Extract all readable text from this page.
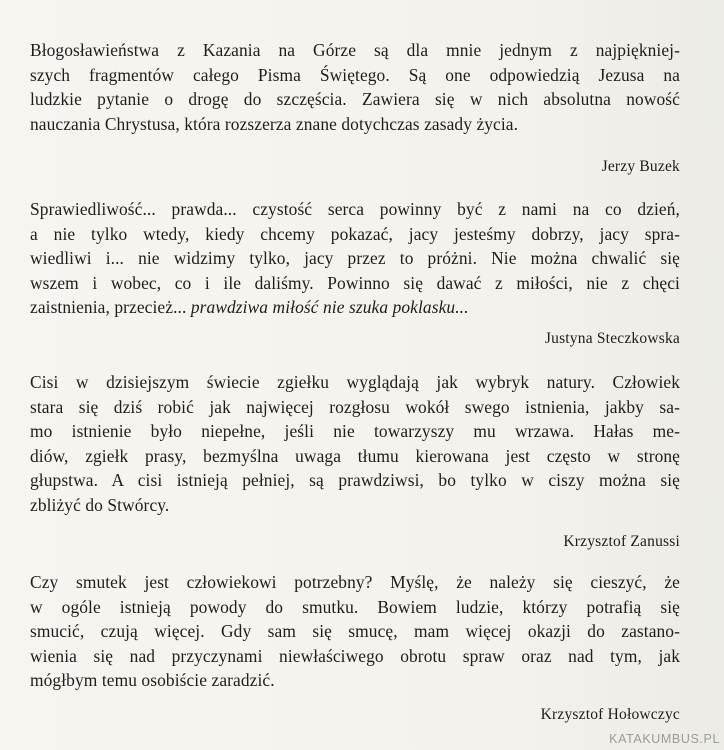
Błogosławieństwa z Kazania na Górze są dla mnie jednym z najpiękniej-
szych fragmentów całego Pisma Świętego. Są one odpowiedzią Jezusa na
ludzkie pytanie o drogę do szczęścia. Zawiera się w nich absolutna nowość
nauczania Chrystusa, która rozszerza znane dotychczas zasady życia.

Jerzy Buzek

Sprawiedliwość... prawda... czystość serca powinny być z nami na co dzień,
a nie tylko wtedy, kiedy chcemy pokazać, jacy jesteśmy dobrzy, jacy spra-
wiedliwi i... nie widzimy tylko, jacy przez to próżni. Nie można chwalić się
wszem i wobec, co i ile daliśmy. Powinno się dawać z miłości, nie z chęci
zaistnienia, przecież... prawdziwa miłość nie szuka poklasku...

Justyna Steczkowska

Cisi w dzisiejszym świecie zgiełku wyglądają jak wybryk natury. Człowiek
stara się dziś robić jak najwięcej rozgłosu wokół swego istnienia, jakby sa-
mo istnienie było niepełne, jeśli nie towarzyszy mu wrzawa. Hałas me-
diów, zgiełk prasy, bezmyślna uwaga tłumu kierowana jest często w stronę
głupstwa. A cisi istnieją pełniej, są prawdziwsi, bo tylko w ciszy można się
zbliżyć do Stwórcy.

Krzysztof Zanussi

Czy smutek jest człowiekowi potrzebny? Myślę, że należy się cieszyć, że
w ogóle istnieją powody do smutku. Bowiem ludzie, którzy potrafią się
smucić, czują więcej. Gdy sam się smucę, mam więcej okazji do zastano-
wienia się nad przyczynami niewłaściwego obrotu spraw oraz nad tym, jak
mógłbym temu osobiście zaradzić.

Krzysztof Hołowczyc
KATAKUMBUS.PL
